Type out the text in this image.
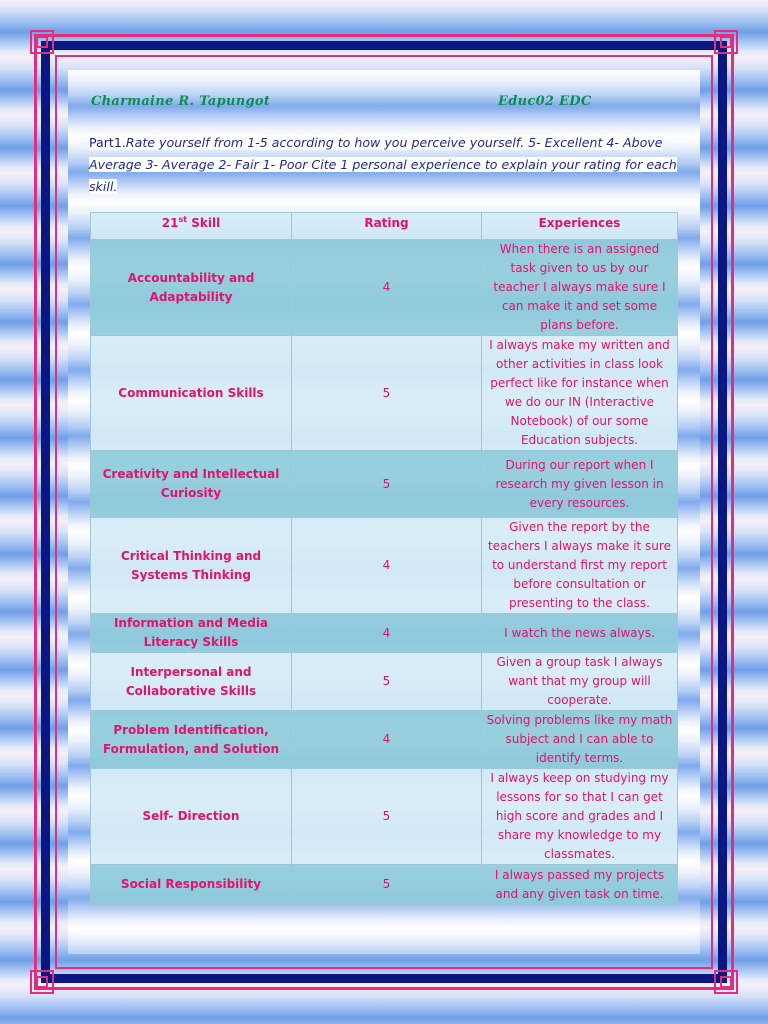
Charmaine R. Tapungot	Educ02 EDC
Part1.Rate yourself from 1-5 according to how you perceive yourself. 5- Excellent 4- Above
Average 3- Average 2- Fair 1- Poor Cite 1 personal experience to explain your rating for each
skill.
21st Skill	Rating	Experiences
Accountability and Adaptability	4	When there is an assigned task given to us by our teacher I always make sure I can make it and set some plans before.
Communication Skills	5	I always make my written and other activities in class look perfect like for instance when we do our IN (Interactive Notebook) of our some Education subjects.
Creativity and Intellectual Curiosity	5	During our report when I research my given lesson in every resources.
Critical Thinking and Systems Thinking	4	Given the report by the teachers I always make it sure to understand first my report before consultation or presenting to the class.
Information and Media Literacy Skills	4	I watch the news always.
Interpersonal and Collaborative Skills	5	Given a group task I always want that my group will cooperate.
Problem Identification, Formulation, and Solution	4	Solving problems like my math subject and I can able to identify terms.
Self- Direction	5	I always keep on studying my lessons for so that I can get high score and grades and I share my knowledge to my classmates.
Social Responsibility	5	I always passed my projects and any given task on time.
